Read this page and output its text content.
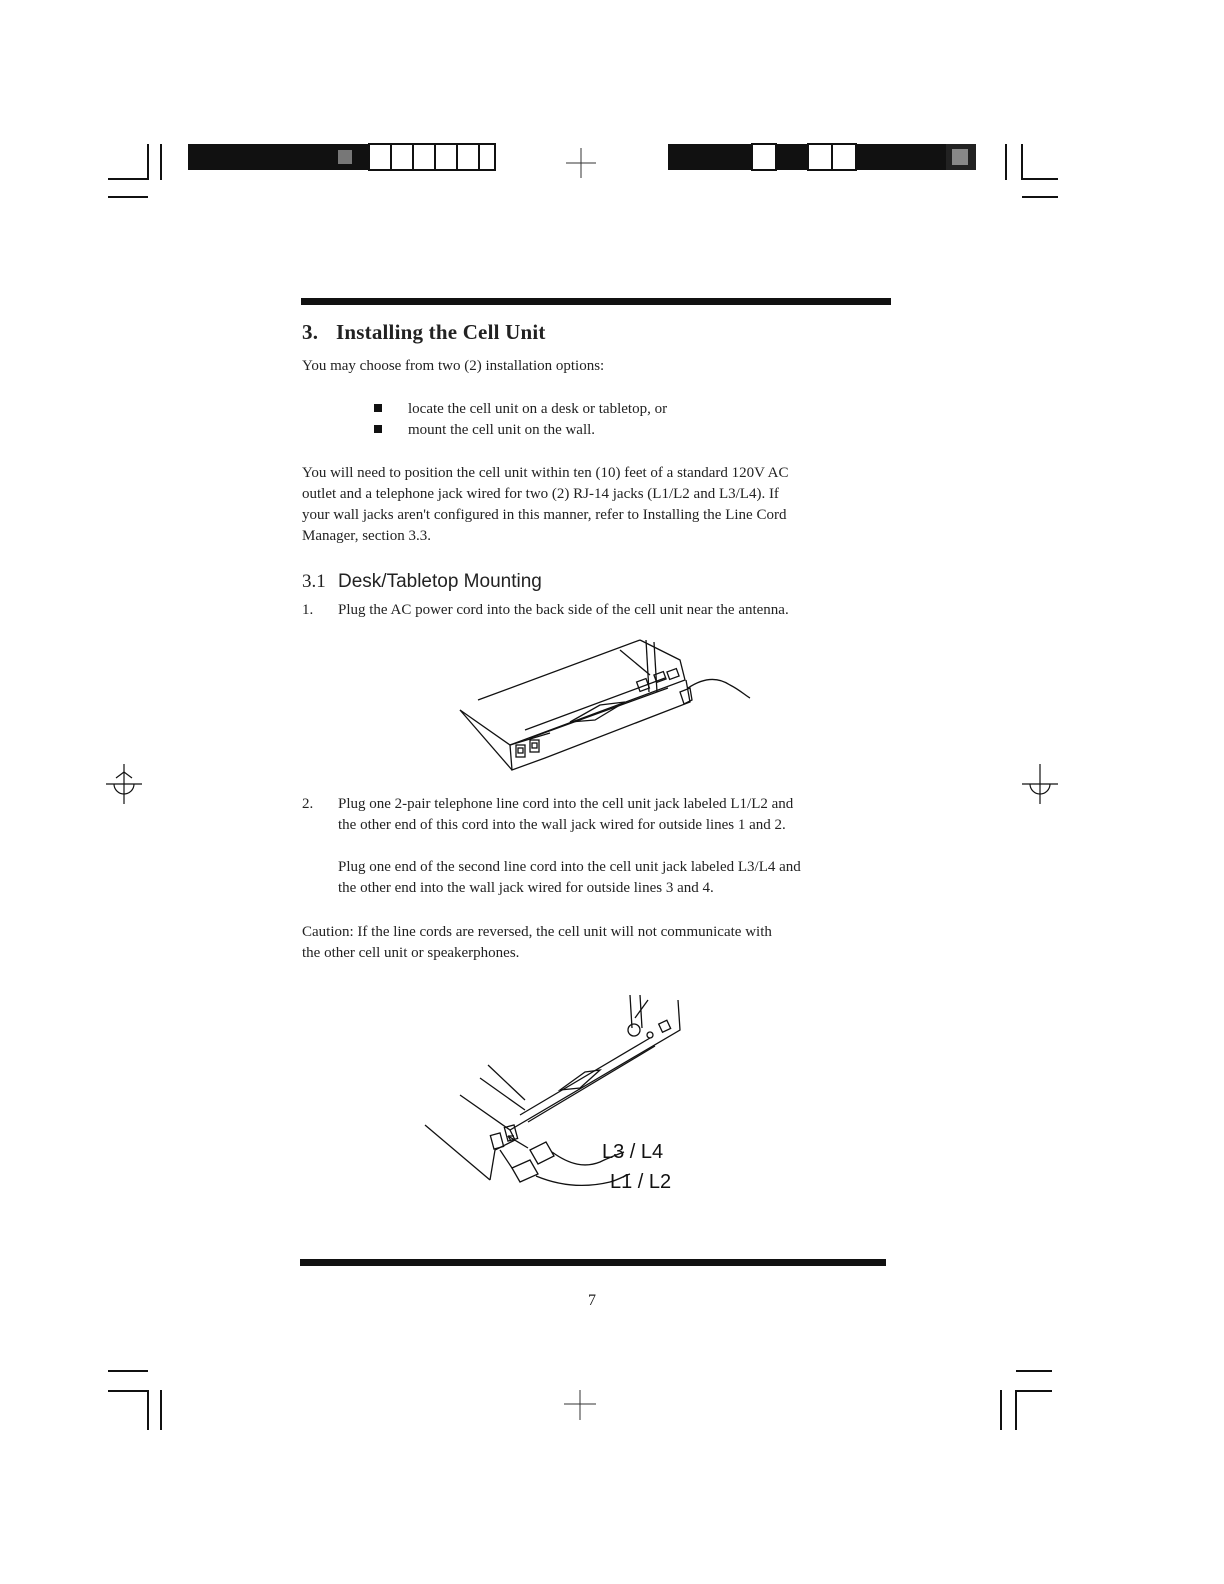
3. Installing the Cell Unit
You may choose from two (2) installation options:
locate the cell unit on a desk or tabletop, or
mount the cell unit on the wall.
You will need to position the cell unit within ten (10) feet of a standard 120V AC
outlet and a telephone jack wired for two (2) RJ-14 jacks (L1/L2 and L3/L4). If
your wall jacks aren't configured in this manner, refer to Installing the Line Cord
Manager, section 3.3.
3.1 Desk/Tabletop Mounting
1. Plug the AC power cord into the back side of the cell unit near the antenna.
2. Plug one 2-pair telephone line cord into the cell unit jack labeled L1/L2 and
the other end of this cord into the wall jack wired for outside lines 1 and 2.
Plug one end of the second line cord into the cell unit jack labeled L3/L4 and
the other end into the wall jack wired for outside lines 3 and 4.
Caution: If the line cords are reversed, the cell unit will not communicate with
the other cell unit or speakerphones.
L3 / L4
L1 / L2
7
